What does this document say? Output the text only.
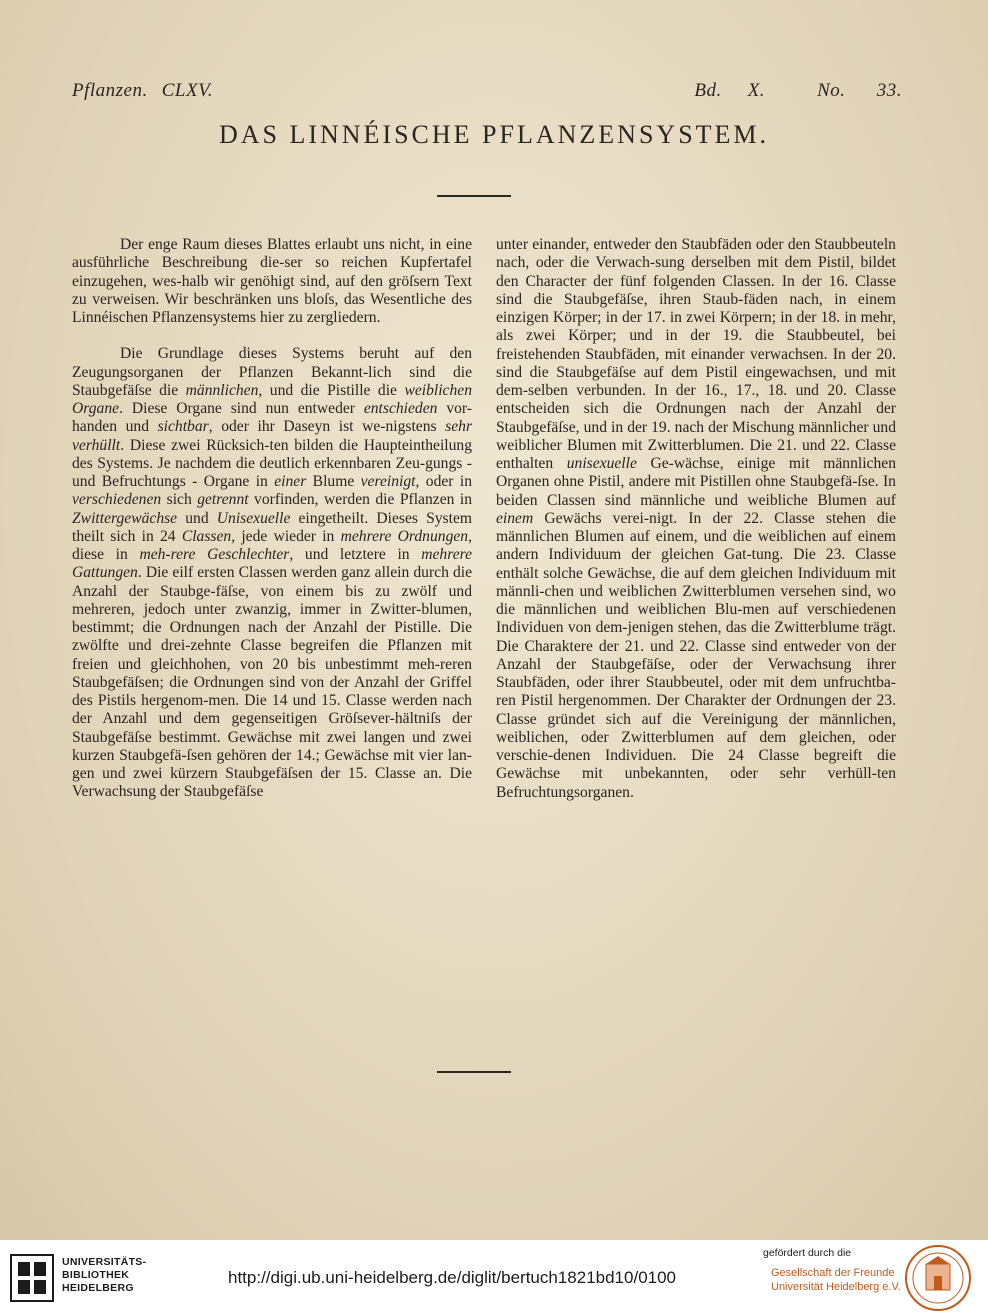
Pflanzen. CLXV.	Bd. X.	No. 33.
DAS LINNÉISCHE PFLANZENSYSTEM.

Der enge Raum dieses Blattes erlaubt uns nicht, in eine ausführliche Beschreibung die-ser so reichen Kupfertafel einzugehen, wes-halb wir genöhigt sind, auf den gröſsern Text zu verweisen. Wir beschränken uns bloſs, das Wesentliche des Linnéischen Pflanzensystems hier zu zergliedern.

Die Grundlage dieses Systems beruht auf den Zeugungsorganen der Pflanzen Bekannt-lich sind die Staubgefäſse die männlichen, und die Pistille die weiblichen Organe. Diese Organe sind nun entweder entschieden vor-handen und sichtbar, oder ihr Daseyn ist we-nigstens sehr verhüllt. Diese zwei Rücksich-ten bilden die Haupteintheilung des Systems. Je nachdem die deutlich erkennbaren Zeu-gungs - und Befruchtungs - Organe in einer Blume vereinigt, oder in verschiedenen sich getrennt vorfinden, werden die Pflanzen in Zwittergewächse und Unisexuelle eingetheilt. Dieses System theilt sich in 24 Classen, jede wieder in mehrere Ordnungen, diese in meh-rere Geschlechter, und letztere in mehrere Gattungen. Die eilf ersten Classen werden ganz allein durch die Anzahl der Staubge-fäſse, von einem bis zu zwölf und mehreren, jedoch unter zwanzig, immer in Zwitter-blumen, bestimmt; die Ordnungen nach der Anzahl der Pistille. Die zwölfte und drei-zehnte Classe begreifen die Pflanzen mit freien und gleichhohen, von 20 bis unbestimmt meh-reren Staubgefäſsen; die Ordnungen sind von der Anzahl der Griffel des Pistils hergenom-men. Die 14 und 15. Classe werden nach der Anzahl und dem gegenseitigen Gröſsever-hältniſs der Staubgefäſse bestimmt. Gewächse mit zwei langen und zwei kurzen Staubgefä-ſsen gehören der 14.; Gewächse mit vier lan-gen und zwei kürzern Staubgefäſsen der 15. Classe an. Die Verwachsung der Staubgefäſse

unter einander, entweder den Staubfäden oder den Staubbeuteln nach, oder die Verwach-sung derselben mit dem Pistil, bildet den Character der fünf folgenden Classen. In der 16. Classe sind die Staubgefäſse, ihren Staub-fäden nach, in einem einzigen Körper; in der 17. in zwei Körpern; in der 18. in mehr, als zwei Körper; und in der 19. die Staubbeutel, bei freistehenden Staubfäden, mit einander verwachsen. In der 20. sind die Staubgefäſse auf dem Pistil eingewachsen, und mit dem-selben verbunden. In der 16., 17., 18. und 20. Classe entscheiden sich die Ordnungen nach der Anzahl der Staubgefäſse, und in der 19. nach der Mischung männlicher und weiblicher Blumen mit Zwitterblumen. Die 21. und 22. Classe enthalten unisexuelle Ge-wächse, einige mit männlichen Organen ohne Pistil, andere mit Pistillen ohne Staubgefä-ſse. In beiden Classen sind männliche und weibliche Blumen auf einem Gewächs verei-nigt. In der 22. Classe stehen die männlichen Blumen auf einem, und die weiblichen auf einem andern Individuum der gleichen Gat-tung. Die 23. Classe enthält solche Gewächse, die auf dem gleichen Individuum mit männli-chen und weiblichen Zwitterblumen versehen sind, wo die männlichen und weiblichen Blu-men auf verschiedenen Individuen von dem-jenigen stehen, das die Zwitterblume trägt. Die Charaktere der 21. und 22. Classe sind entweder von der Anzahl der Staubgefäſse, oder der Verwachsung ihrer Staubfäden, oder ihrer Staubbeutel, oder mit dem unfruchtba-ren Pistil hergenommen. Der Charakter der Ordnungen der 23. Classe gründet sich auf die Vereinigung der männlichen, weiblichen, oder Zwitterblumen auf dem gleichen, oder verschie-denen Individuen. Die 24 Classe begreift die Gewächse mit unbekannten, oder sehr verhüll-ten Befruchtungsorganen.

UNIVERSITÄTS-
BIBLIOTHEK
HEIDELBERG
http://digi.ub.uni-heidelberg.de/diglit/bertuch1821bd10/0100
gefördert durch die
Gesellschaft der Freunde
Universität Heidelberg e.V.
